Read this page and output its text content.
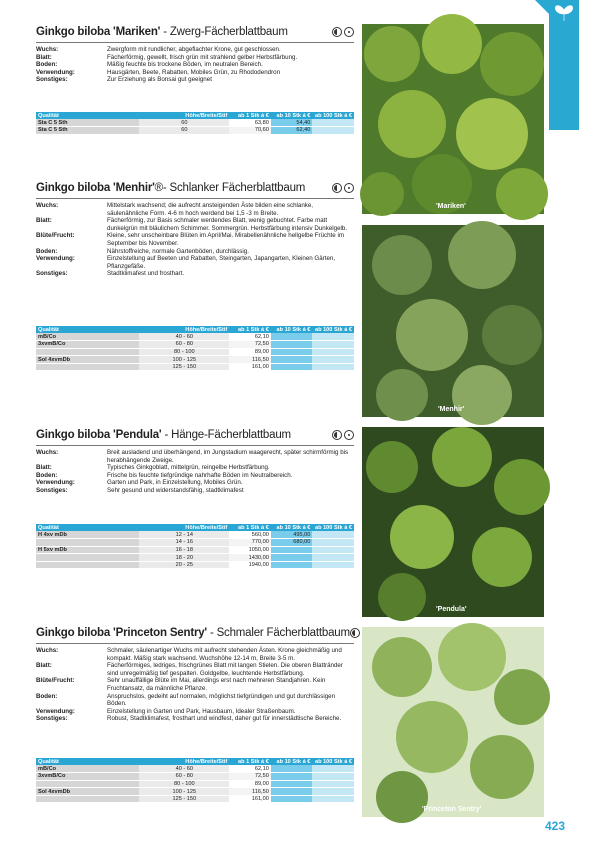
GINKGO
Ginkgo biloba 'Mariken' - Zwerg-Fächerblattbaum
Wuchs:	Zwergform mit rundlicher, abgeflachter Krone, gut geschlossen.
Blatt:	Fächerförmig, gewellt, frisch grün mit strahlend gelber Herbstfärbung.
Boden:	Mäßig feuchte bis trockene Böden, im neutralen Bereich.
Verwendung:	Hausgärten, Beete, Rabatten, Mobiles Grün, zu Rhododendron
Sonstiges:	Zur Erziehung als Bonsai gut geeignet
Qualität	Höhe/Breite/Stif	ab 1 Stk á €	ab 10 Stk á €	ab 100 Stk á €
Sta C 5 Sth	60	63,80	54,40	
Sta C 5 Sth	60	70,60	62,40	
Ginkgo biloba 'Menhir'®- Schlanker Fächerblattbaum
Wuchs:	Mittelstark wachsend; die aufrecht ansteigenden Äste bilden eine schlanke, säulenähnliche Form. 4-6 m hoch werdend bei 1,5 -3 m Breite.
Blatt:	Fächerförmig, zur Basis schmaler werdendes Blatt, wenig gebuchtet. Farbe matt dunkelgrün mit bläulichem Schimmer. Sommergrün. Herbstfärbung intensiv Dunkelgelb.
Blüte/Frucht:	Kleine, sehr unscheinbare Blüten im April/Mai. Mirabellenähnliche hellgelbe Früchte im September bis November.
Boden:	Nährstoffreiche, normale Gartenböden, durchlässig.
Verwendung:	Einzelstellung auf Beeten und Rabatten, Steingarten, Japangarten, Kleinen Gärten, Pflanzgefäße.
Sonstiges:	Stadtklimafest und frosthart.
Qualität	Höhe/Breite/Stif	ab 1 Stk á €	ab 10 Stk á €	ab 100 Stk á €
mB/Co	40 - 60	62,10		
3xvmB/Co	60 - 80	72,50		
	80 - 100	89,00		
Sol 4xvmDb	100 - 125	116,50		
	125 - 150	161,00		
Ginkgo biloba 'Pendula' - Hänge-Fächerblattbaum
Wuchs:	Breit ausladend und überhängend, im Jungstadium waagerecht, später schirmförmig bis herabhängende Zweige.
Blatt:	Typisches Ginkgoblatt, mittelgrün, reingelbe Herbstfärbung.
Boden:	Frische bis feuchte tiefgründige nahrhafte Böden im Neutralbereich.
Verwendung:	Garten und Park, in Einzelstellung, Mobiles Grün.
Sonstiges:	Sehr gesund und widerstandsfähig, stadtklimafest
Qualität	Höhe/Breite/Stif	ab 1 Stk á €	ab 10 Stk á €	ab 100 Stk á €
H 4xv mDb	12 - 14	560,00	495,00	
	14 - 16	770,00	680,00	
H 5xv mDb	16 - 18	1050,00		
	18 - 20	1430,00		
	20 - 25	1940,00		
Ginkgo biloba 'Princeton Sentry' - Schmaler Fächerblattbaum
Wuchs:	Schmaler, säulenartiger Wuchs mit aufrecht stehenden Ästen. Krone gleichmäßig und kompakt. Mäßig stark wachsend. Wuchshöhe 12-14 m, Breite 3-5 m.
Blatt:	Fächerförmiges, ledriges, frischgrünes Blatt mit langen Stielen. Die oberen Blattränder sind unregelmäßig tief gespalten. Goldgelbe, leuchtende Herbstfärbung.
Blüte/Frucht:	Sehr unauffällige Blüte im Mai, allerdings erst nach mehreren Standjahren. Kein Fruchtansatz, da männliche Pflanze.
Boden:	Anspruchslos, gedeiht auf normalen, möglichst tiefgründigen und gut durchlässigen Böden.
Verwendung:	Einzelstellung in Garten und Park, Hausbaum, Idealer Straßenbaum.
Sonstiges:	Robust, Stadtklimafest, frosthart und windfest, daher gut für innerstädtische Bereiche.
Qualität	Höhe/Breite/Stif	ab 1 Stk á €	ab 10 Stk á €	ab 100 Stk á €
mB/Co	40 - 60	62,10		
3xvmB/Co	60 - 80	72,50		
	80 - 100	89,00		
Sol 4xvmDb	100 - 125	116,50		
	125 - 150	161,00		
'Mariken'
'Menhir'
'Pendula'
'Princeton Sentry'
423
